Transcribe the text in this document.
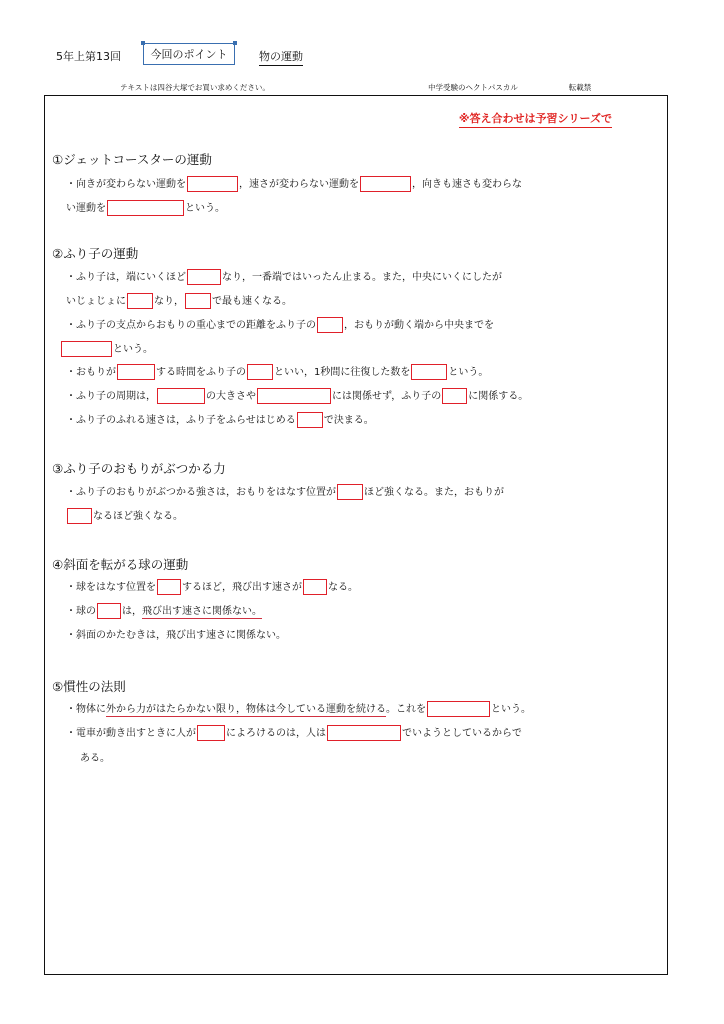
5年上第13回	今回のポイント	物の運動
テキストは四谷大塚でお買い求めください。	中学受験のヘクトパスカル	転載禁
※答え合わせは予習シリーズで
①ジェットコースターの運動
・向きが変わらない運動を	，速さが変わらない運動を	，向きも速さも変わらな
い運動を	という。
②ふり子の運動
・ふり子は，端にいくほど	なり，一番端ではいったん止まる。また，中央にいくにしたが
いじょじょに	なり，	で最も速くなる。
・ふり子の支点からおもりの重心までの距離をふり子の	，おもりが動く端から中央までを
という。
・おもりが	する時間をふり子の	といい，1秒間に往復した数を	という。
・ふり子の周期は，	の大きさや	には関係せず，ふり子の	に関係する。
・ふり子のふれる速さは，ふり子をふらせはじめる	で決まる。
③ふり子のおもりがぶつかる力
・ふり子のおもりがぶつかる強さは，おもりをはなす位置が	ほど強くなる。また，おもりが
なるほど強くなる。
④斜面を転がる球の運動
・球をはなす位置を	するほど，飛び出す速さが	なる。
・球の	は，飛び出す速さに関係ない。
・斜面のかたむきは，飛び出す速さに関係ない。
⑤慣性の法則
・物体に外から力がはたらかない限り，物体は今している運動を続ける。これを	という。
・電車が動き出すときに人が	によろけるのは，人は	でいようとしているからで
ある。
